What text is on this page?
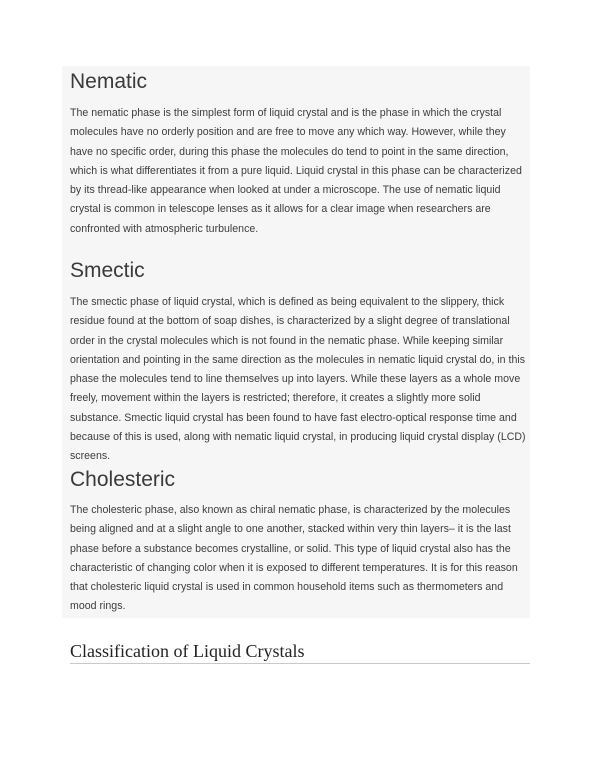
Nematic

The nematic phase is the simplest form of liquid crystal and is the phase in which the crystal molecules have no orderly position and are free to move any which way. However, while they have no specific order, during this phase the molecules do tend to point in the same direction, which is what differentiates it from a pure liquid. Liquid crystal in this phase can be characterized by its thread-like appearance when looked at under a microscope. The use of nematic liquid crystal is common in telescope lenses as it allows for a clear image when researchers are confronted with atmospheric turbulence.

Smectic

The smectic phase of liquid crystal, which is defined as being equivalent to the slippery, thick residue found at the bottom of soap dishes, is characterized by a slight degree of translational order in the crystal molecules which is not found in the nematic phase. While keeping similar orientation and pointing in the same direction as the molecules in nematic liquid crystal do, in this phase the molecules tend to line themselves up into layers. While these layers as a whole move freely, movement within the layers is restricted; therefore, it creates a slightly more solid substance. Smectic liquid crystal has been found to have fast electro-optical response time and because of this is used, along with nematic liquid crystal, in producing liquid crystal display (LCD) screens.

Cholesteric

The cholesteric phase, also known as chiral nematic phase, is characterized by the molecules being aligned and at a slight angle to one another, stacked within very thin layers– it is the last phase before a substance becomes crystalline, or solid. This type of liquid crystal also has the characteristic of changing color when it is exposed to different temperatures. It is for this reason that cholesteric liquid crystal is used in common household items such as thermometers and mood rings.

Classification of Liquid Crystals
